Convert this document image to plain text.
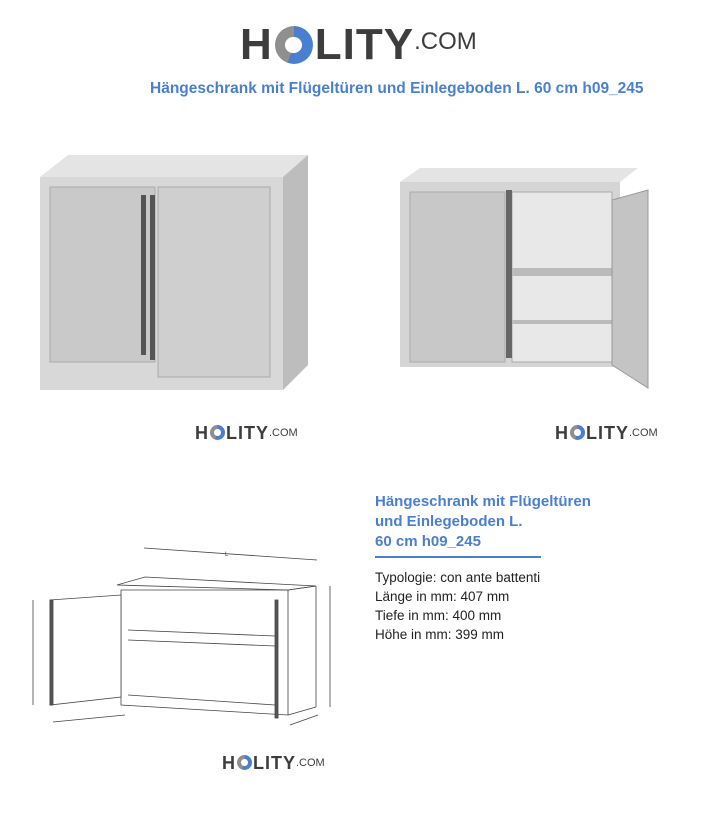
H LITY .COM
Hängeschrank mit Flügeltüren und Einlegeboden L. 60 cm h09_245
H LITY .COM	H LITY .COM
L
H LITY .COM
Hängeschrank mit Flügeltüren
und Einlegeboden L.
60 cm h09_245
Typologie: con ante battenti
Länge in mm: 407 mm
Tiefe in mm: 400 mm
Höhe in mm: 399 mm
